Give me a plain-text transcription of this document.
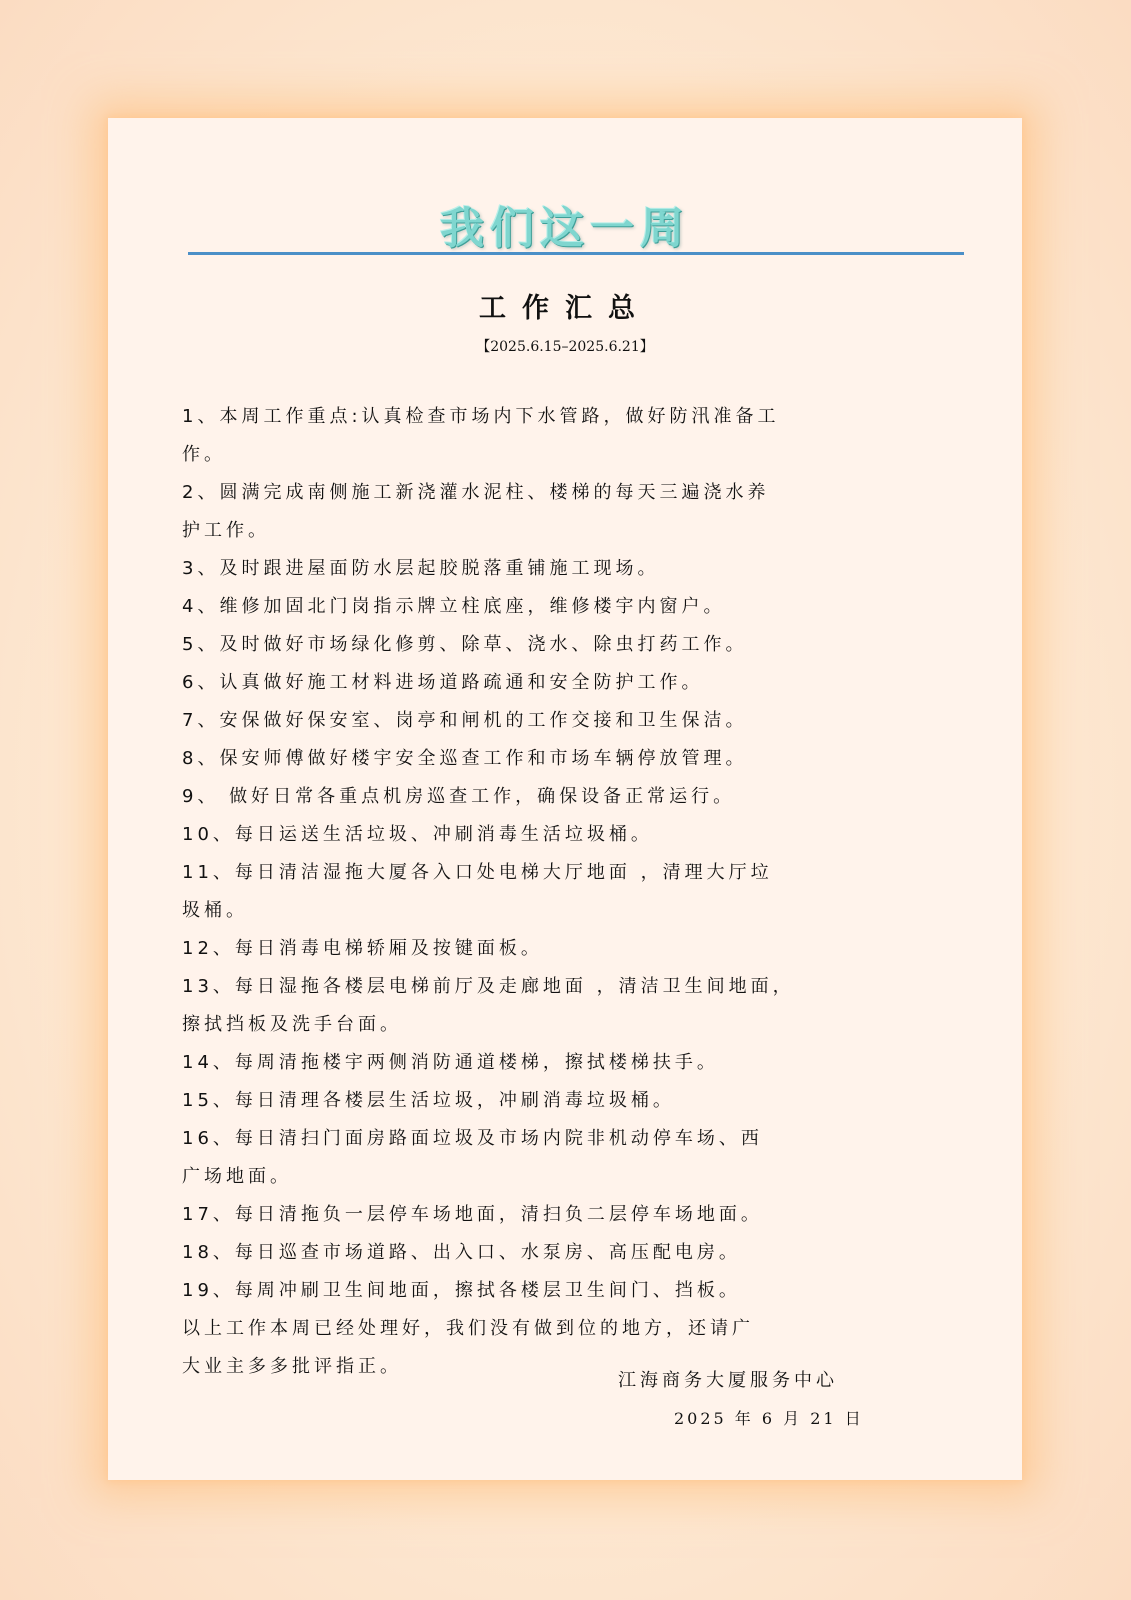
我们这一周
工作汇总
【2025.6.15–2025.6.21】
1、本周工作重点:认真检查市场内下水管路，做好防汛准备工
作。
2、圆满完成南侧施工新浇灌水泥柱、楼梯的每天三遍浇水养
护工作。
3、及时跟进屋面防水层起胶脱落重铺施工现场。
4、维修加固北门岗指示牌立柱底座，维修楼宇内窗户。
5、及时做好市场绿化修剪、除草、浇水、除虫打药工作。
6、认真做好施工材料进场道路疏通和安全防护工作。
7、安保做好保安室、岗亭和闸机的工作交接和卫生保洁。
8、保安师傅做好楼宇安全巡查工作和市场车辆停放管理。
9、 做好日常各重点机房巡查工作，确保设备正常运行。
10、每日运送生活垃圾、冲刷消毒生活垃圾桶。
11、每日清洁湿拖大厦各入口处电梯大厅地面 ，清理大厅垃
圾桶。
12、每日消毒电梯轿厢及按键面板。
13、每日湿拖各楼层电梯前厅及走廊地面 ，清洁卫生间地面，
擦拭挡板及洗手台面。
14、每周清拖楼宇两侧消防通道楼梯，擦拭楼梯扶手。
15、每日清理各楼层生活垃圾，冲刷消毒垃圾桶。
16、每日清扫门面房路面垃圾及市场内院非机动停车场、西
广场地面。
17、每日清拖负一层停车场地面，清扫负二层停车场地面。
18、每日巡查市场道路、出入口、水泵房、高压配电房。
19、每周冲刷卫生间地面，擦拭各楼层卫生间门、挡板。
以上工作本周已经处理好，我们没有做到位的地方，还请广
大业主多多批评指正。
江海商务大厦服务中心
2025 年 6 月 21 日
